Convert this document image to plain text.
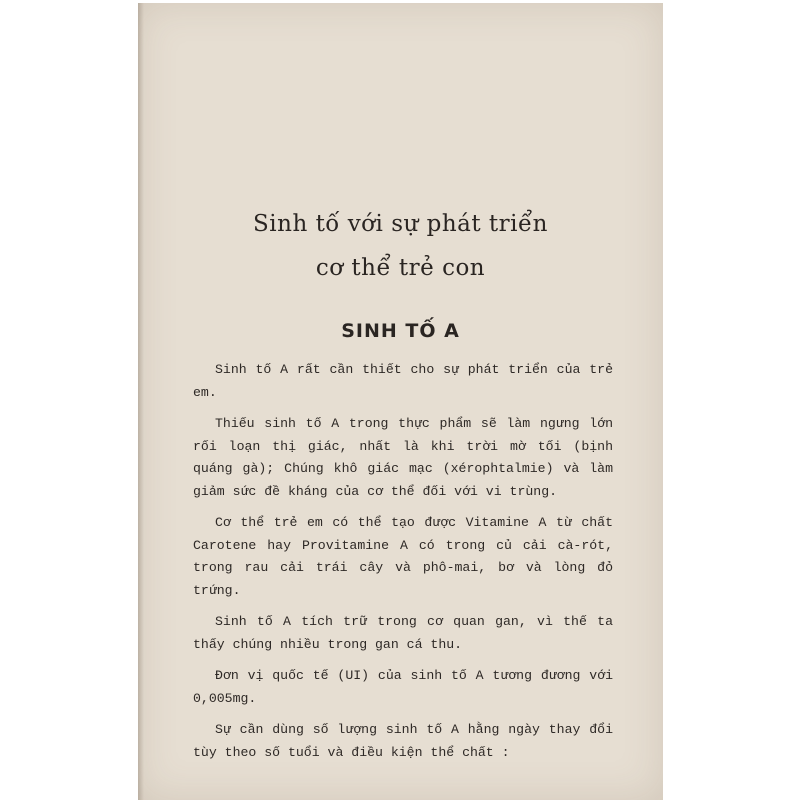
Sinh tố với sự phát triển
cơ thể trẻ con
SINH TỐ A

Sinh tố A rất cần thiết cho sự phát triển của trẻ em.

Thiếu sinh tố A trong thực phẩm sẽ làm ngưng lớn rối loạn thị giác, nhất là khi trời mờ tối (bịnh quáng gà); Chúng khô giác mạc (xérophtalmie) và làm giảm sức đề kháng của cơ thể đối với vi trùng.

Cơ thể trẻ em có thể tạo được Vitamine A từ chất Carotene hay Provitamine A có trong củ cải cà-rót, trong rau cải trái cây và phô-mai, bơ và lòng đỏ trứng.

Sinh tố A tích trữ trong cơ quan gan, vì thế ta thấy chúng nhiều trong gan cá thu.

Đơn vị quốc tế (UI) của sinh tố A tương đương với 0,005mg.

Sự cần dùng số lượng sinh tố A hằng ngày thay đổi tùy theo số tuổi và điều kiện thể chất :
